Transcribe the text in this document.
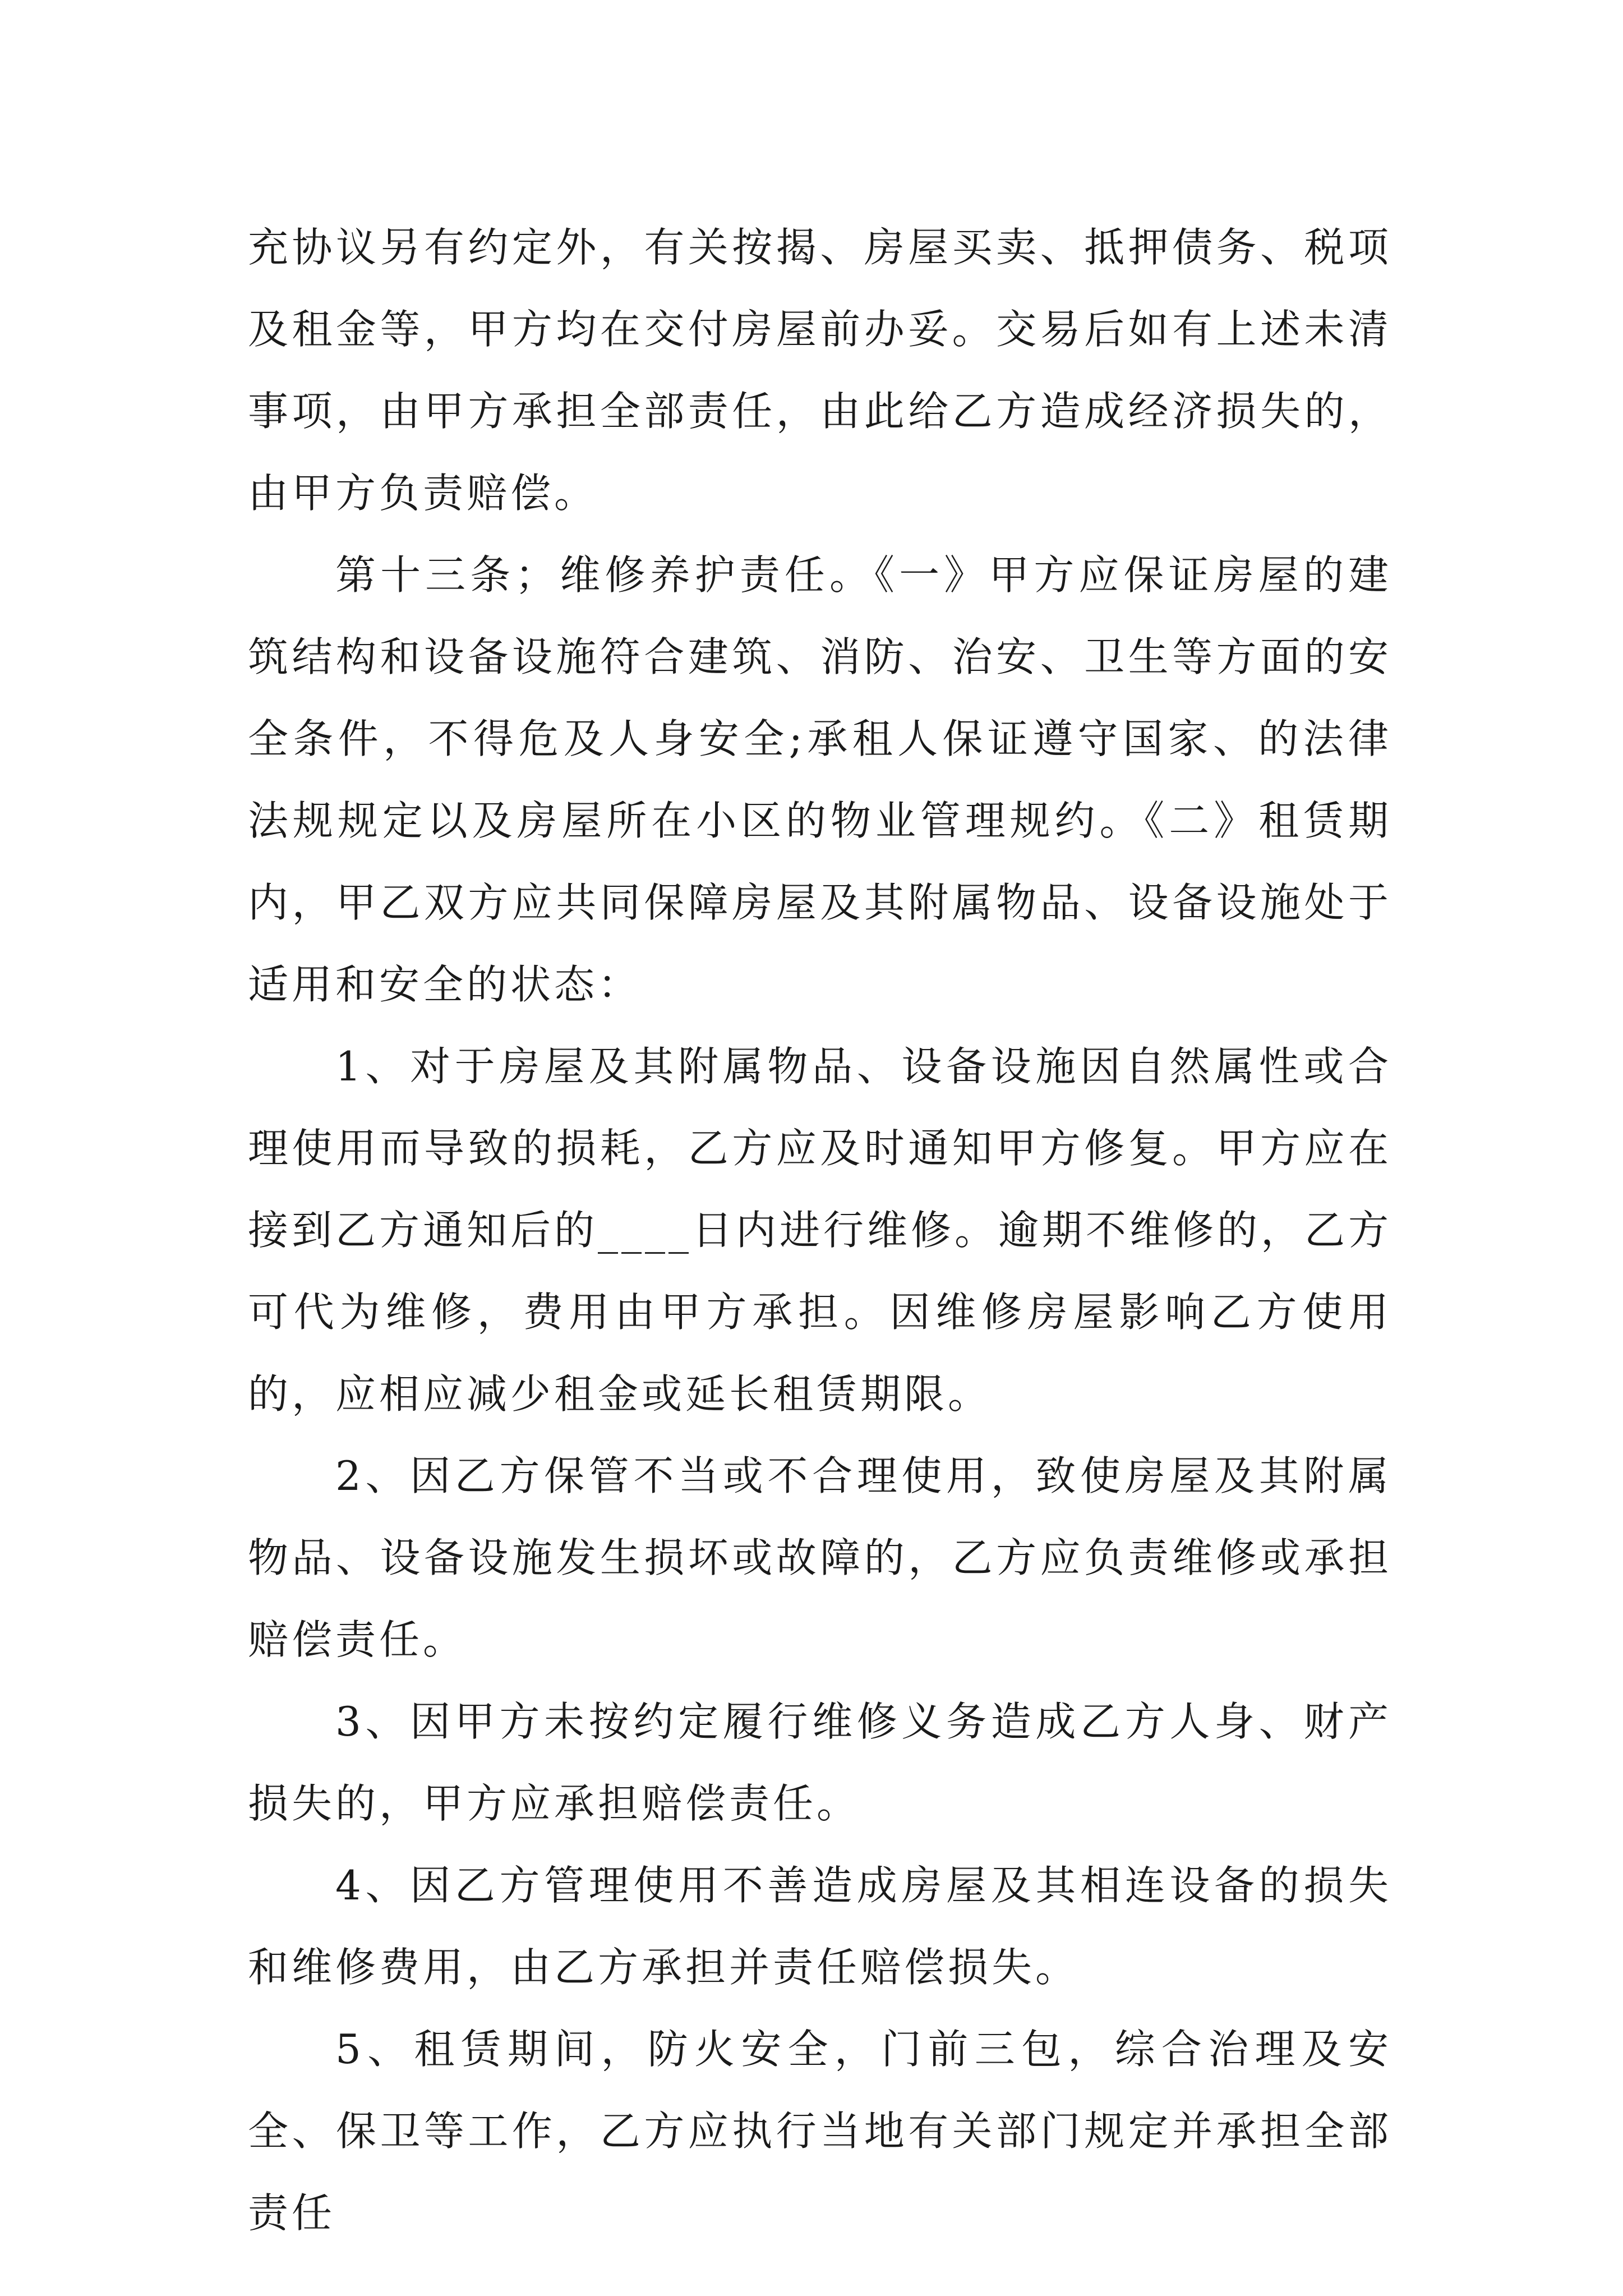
充协议另有约定外，有关按揭、房屋买卖、抵押债务、税项及租金等，甲方均在交付房屋前办妥。交易后如有上述未清事项，由甲方承担全部责任，由此给乙方造成经济损失的，由甲方负责赔偿。

第十三条；维修养护责任。《一》甲方应保证房屋的建筑结构和设备设施符合建筑、消防、治安、卫生等方面的安全条件，不得危及人身安全;承租人保证遵守国家、的法律法规规定以及房屋所在小区的物业管理规约。《二》租赁期内，甲乙双方应共同保障房屋及其附属物品、设备设施处于适用和安全的状态：

1、对于房屋及其附属物品、设备设施因自然属性或合理使用而导致的损耗，乙方应及时通知甲方修复。甲方应在接到乙方通知后的____日内进行维修。逾期不维修的，乙方可代为维修，费用由甲方承担。因维修房屋影响乙方使用的，应相应减少租金或延长租赁期限。

2、因乙方保管不当或不合理使用，致使房屋及其附属物品、设备设施发生损坏或故障的，乙方应负责维修或承担赔偿责任。

3、因甲方未按约定履行维修义务造成乙方人身、财产损失的，甲方应承担赔偿责任。

4、因乙方管理使用不善造成房屋及其相连设备的损失和维修费用，由乙方承担并责任赔偿损失。

5、租赁期间，防火安全，门前三包，综合治理及安全、保卫等工作，乙方应执行当地有关部门规定并承担全部责任
